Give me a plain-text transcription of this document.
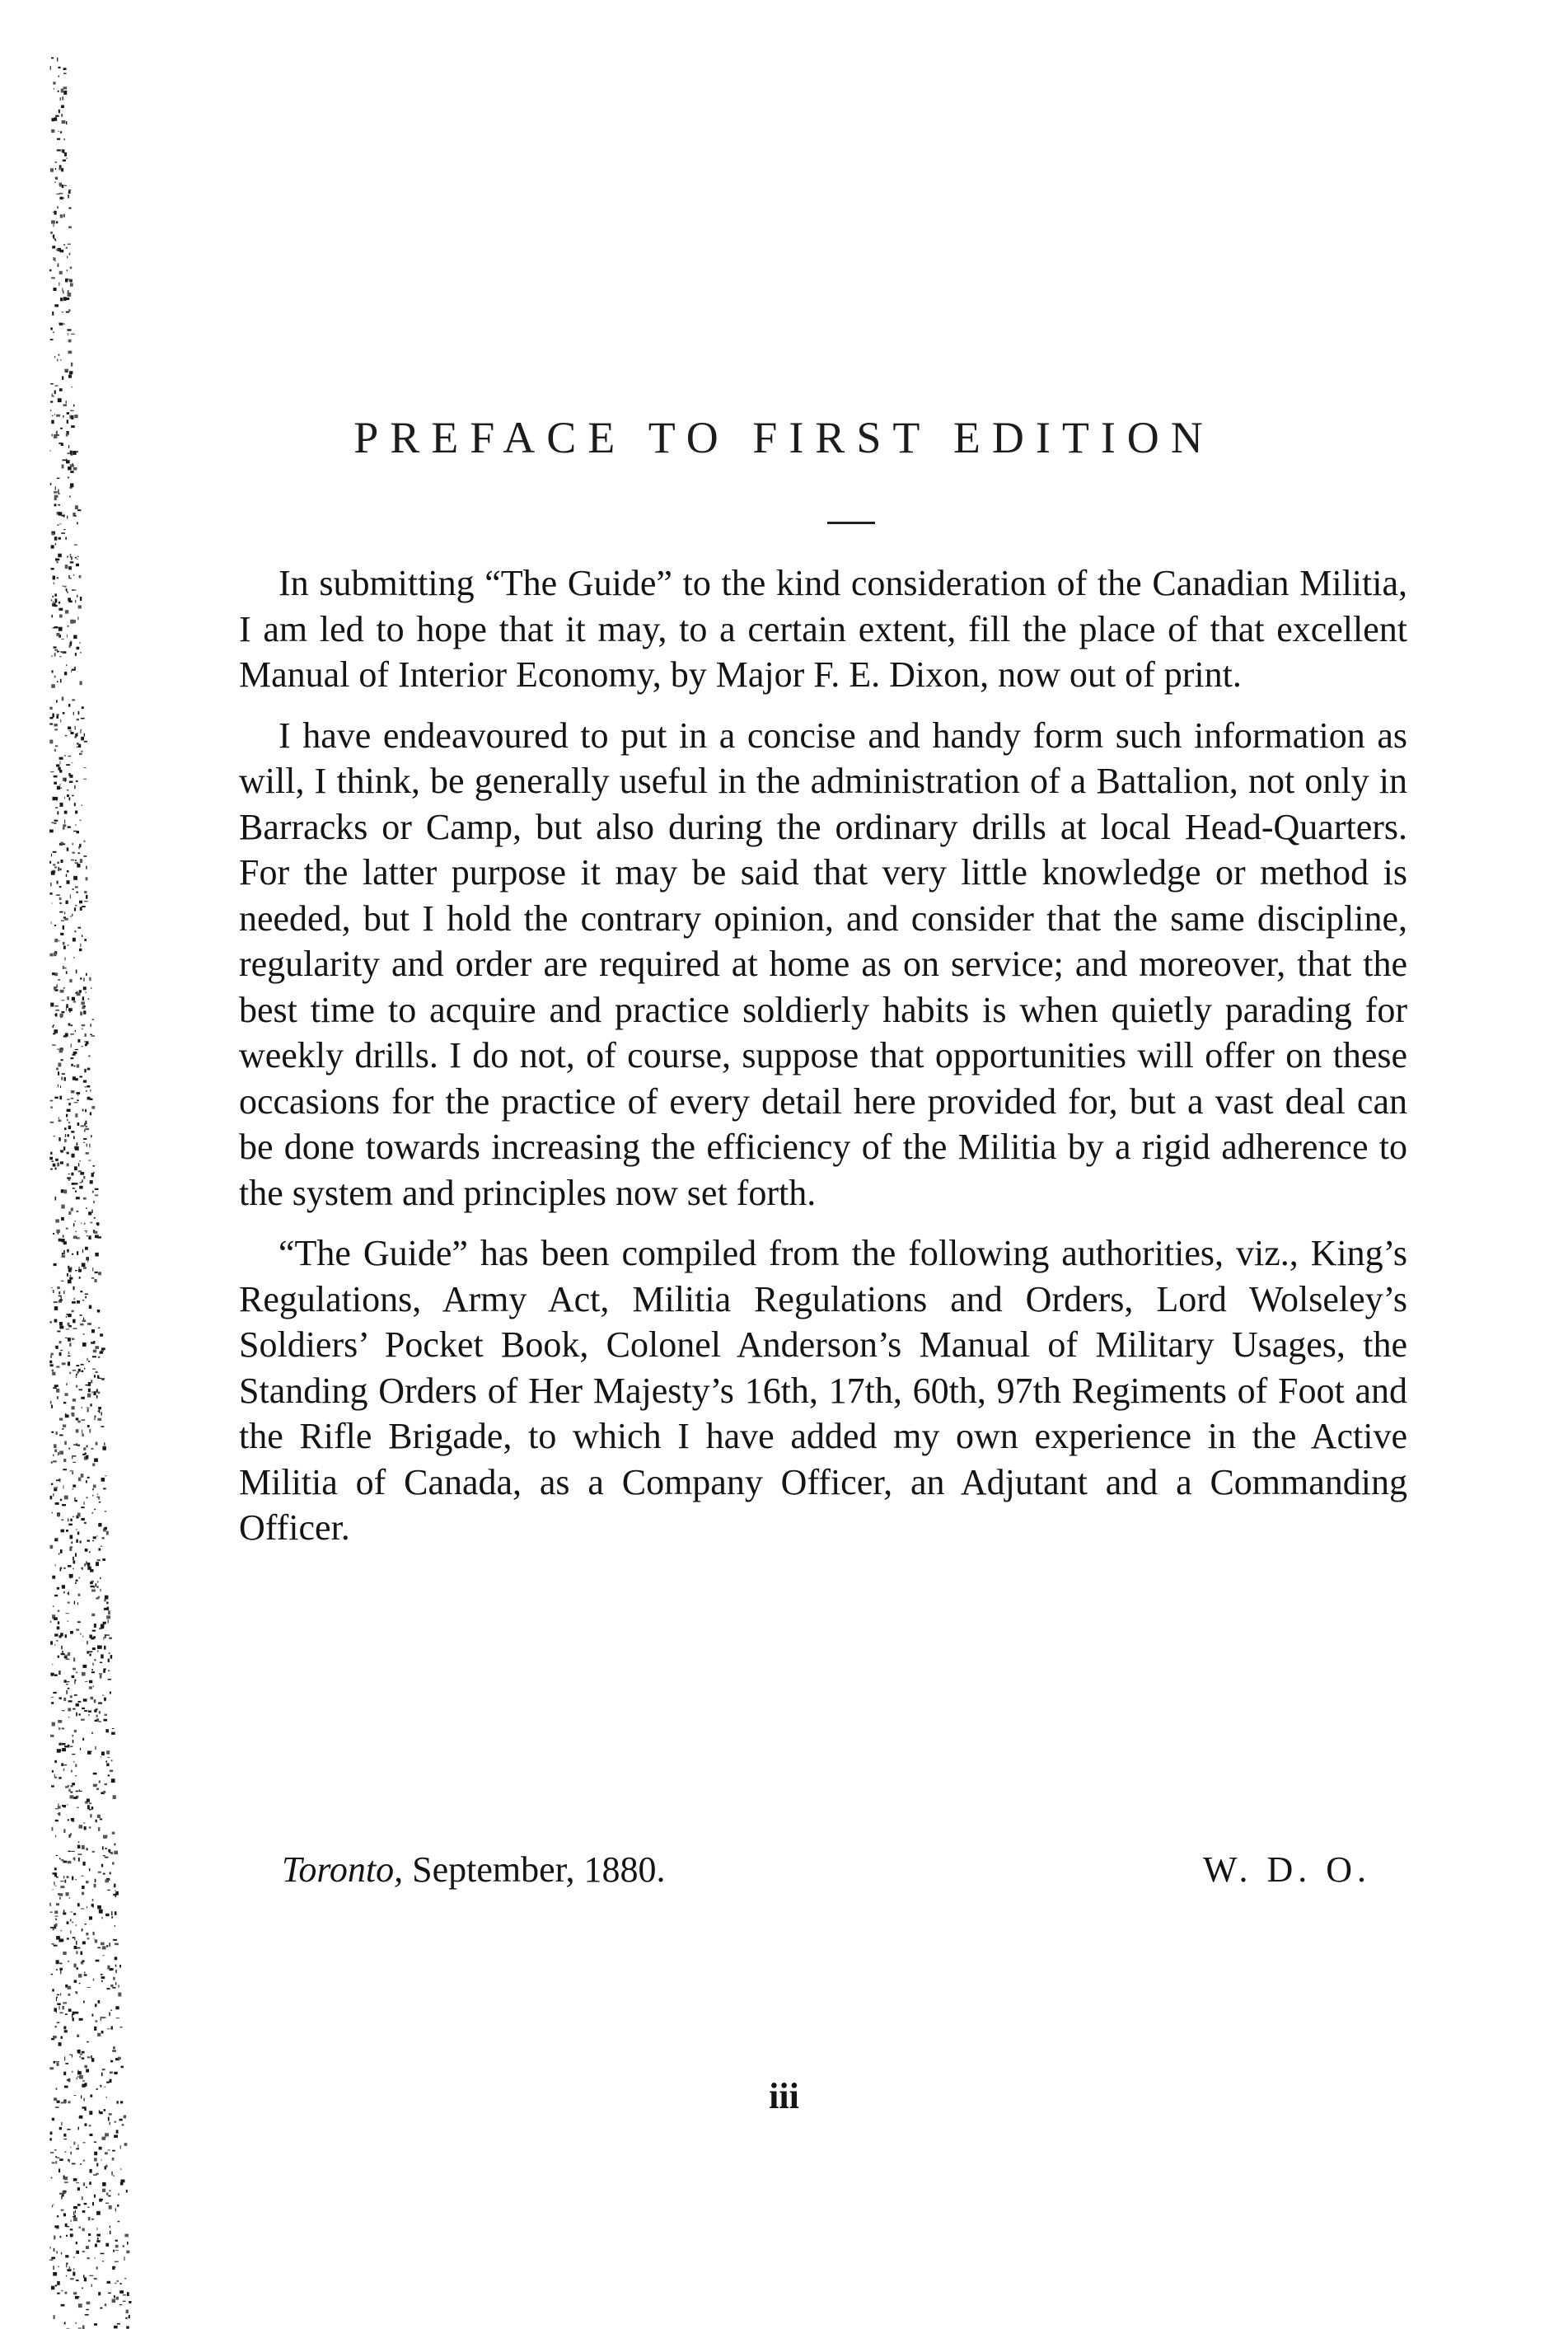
PREFACE TO FIRST EDITION

In submitting “The Guide” to the kind consideration of the Canadian Militia, I am led to hope that it may, to a certain extent, fill the place of that excellent Manual of Interior Economy, by Major F. E. Dixon, now out of print.

I have endeavoured to put in a concise and handy form such information as will, I think, be generally useful in the administration of a Battalion, not only in Barracks or Camp, but also during the ordinary drills at local Head-Quarters. For the latter purpose it may be said that very little knowledge or method is needed, but I hold the contrary opinion, and consider that the same discipline, regularity and order are required at home as on service; and moreover, that the best time to acquire and practice soldierly habits is when quietly parading for weekly drills. I do not, of course, suppose that opportunities will offer on these occasions for the practice of every detail here provided for, but a vast deal can be done towards increasing the efficiency of the Militia by a rigid adherence to the system and principles now set forth.

“The Guide” has been compiled from the following authorities, viz., King’s Regulations, Army Act, Militia Regulations and Orders, Lord Wolseley’s Soldiers’ Pocket Book, Colonel Anderson’s Manual of Military Usages, the Standing Orders of Her Majesty’s 16th, 17th, 60th, 97th Regiments of Foot and the Rifle Brigade, to which I have added my own experience in the Active Militia of Canada, as a Company Officer, an Adjutant and a Commanding Officer.

Toronto, September, 1880.	W. D. O.
iii
